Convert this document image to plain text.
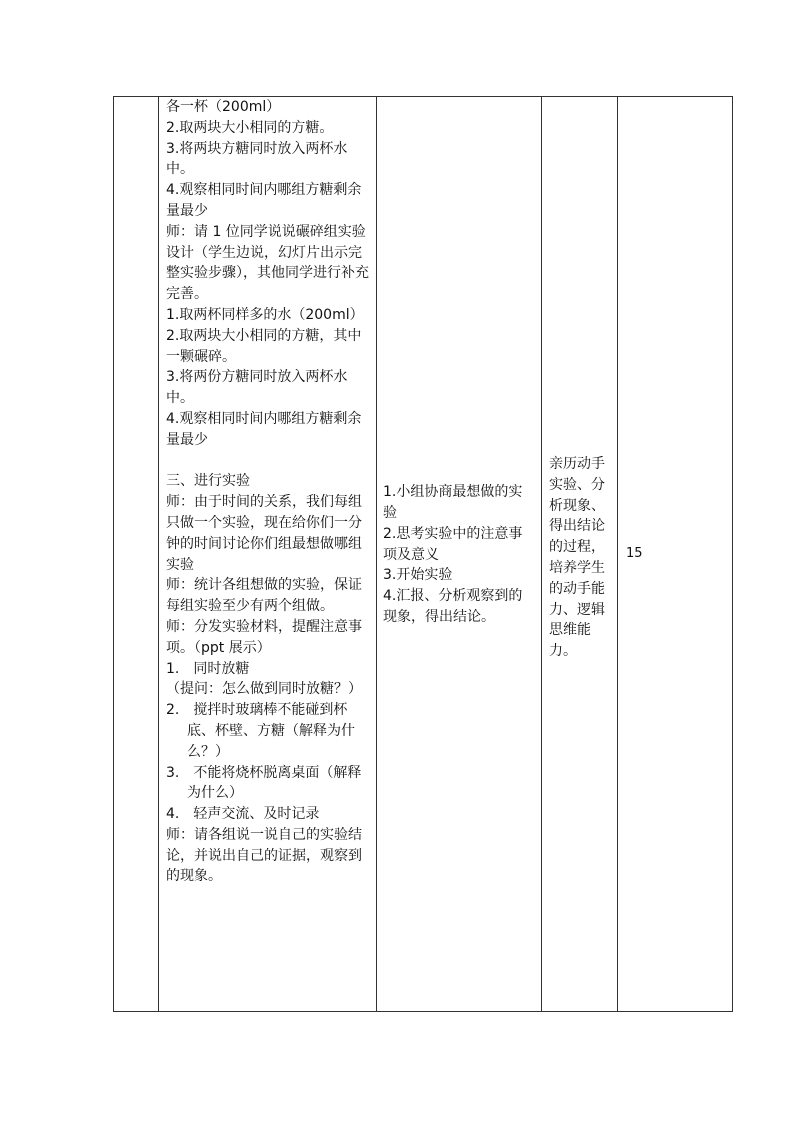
各一杯（200ml）
2.取两块大小相同的方糖。
3.将两块方糖同时放入两杯水中。
4.观察相同时间内哪组方糖剩余量最少
师：请 1 位同学说说碾碎组实验设计（学生边说，幻灯片出示完整实验步骤），其他同学进行补充完善。
1.取两杯同样多的水（200ml）
2.取两块大小相同的方糖，其中一颗碾碎。
3.将两份方糖同时放入两杯水中。
4.观察相同时间内哪组方糖剩余量最少
三、进行实验
师：由于时间的关系，我们每组只做一个实验，现在给你们一分钟的时间讨论你们组最想做哪组实验
师：统计各组想做的实验，保证每组实验至少有两个组做。
师：分发实验材料，提醒注意事项。（ppt 展示）
1.　同时放糖
（提问：怎么做到同时放糖？）
2.　搅拌时玻璃棒不能碰到杯底、杯壁、方糖（解释为什么？）
3.　不能将烧杯脱离桌面（解释为什么）
4.　轻声交流、及时记录
师：请各组说一说自己的实验结论，并说出自己的证据，观察到的现象。

1.小组协商最想做的实验
2.思考实验中的注意事项及意义
3.开始实验
4.汇报、分析观察到的现象，得出结论。

亲历动手实验、分析现象、得出结论的过程，培养学生的动手能力、逻辑思维能力。

15
